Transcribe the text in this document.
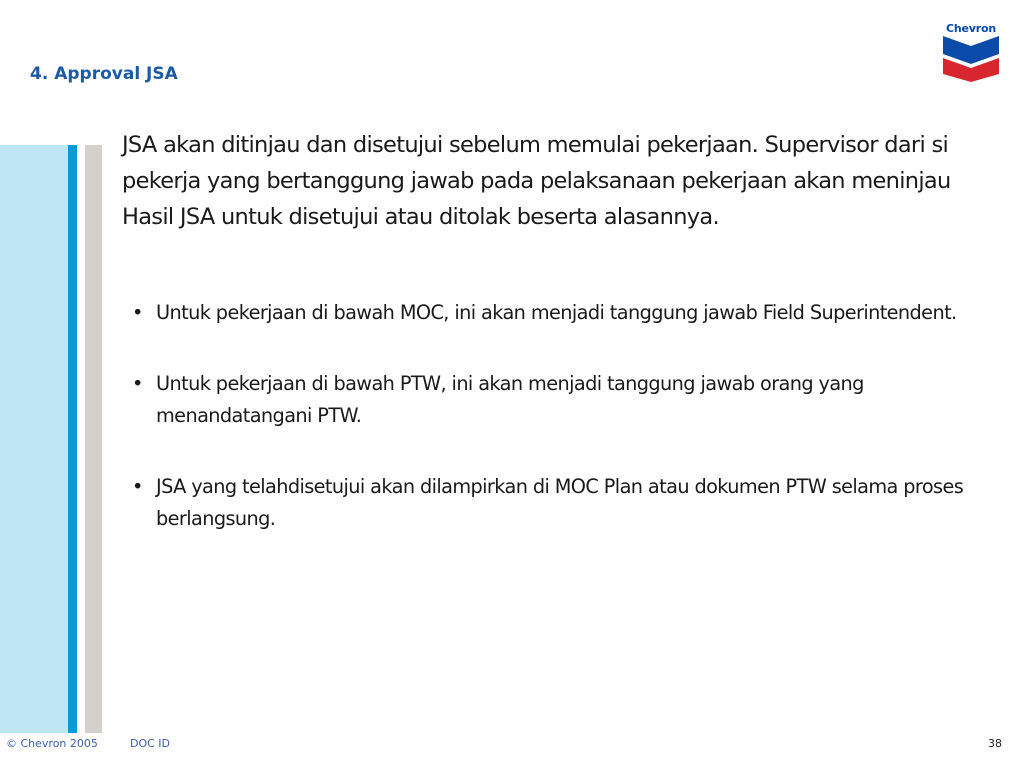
4. Approval JSA
Chevron

JSA akan ditinjau dan disetujui sebelum memulai pekerjaan. Supervisor dari si pekerja yang bertanggung jawab pada pelaksanaan pekerjaan akan meninjau Hasil JSA untuk disetujui atau ditolak beserta alasannya.

• Untuk pekerjaan di bawah MOC, ini akan menjadi tanggung jawab Field Superintendent.
• Untuk pekerjaan di bawah PTW, ini akan menjadi tanggung jawab orang yang menandatangani PTW.
• JSA yang telahdisetujui akan dilampirkan di MOC Plan atau dokumen PTW selama proses berlangsung.
© Chevron 2005	DOC ID	38
